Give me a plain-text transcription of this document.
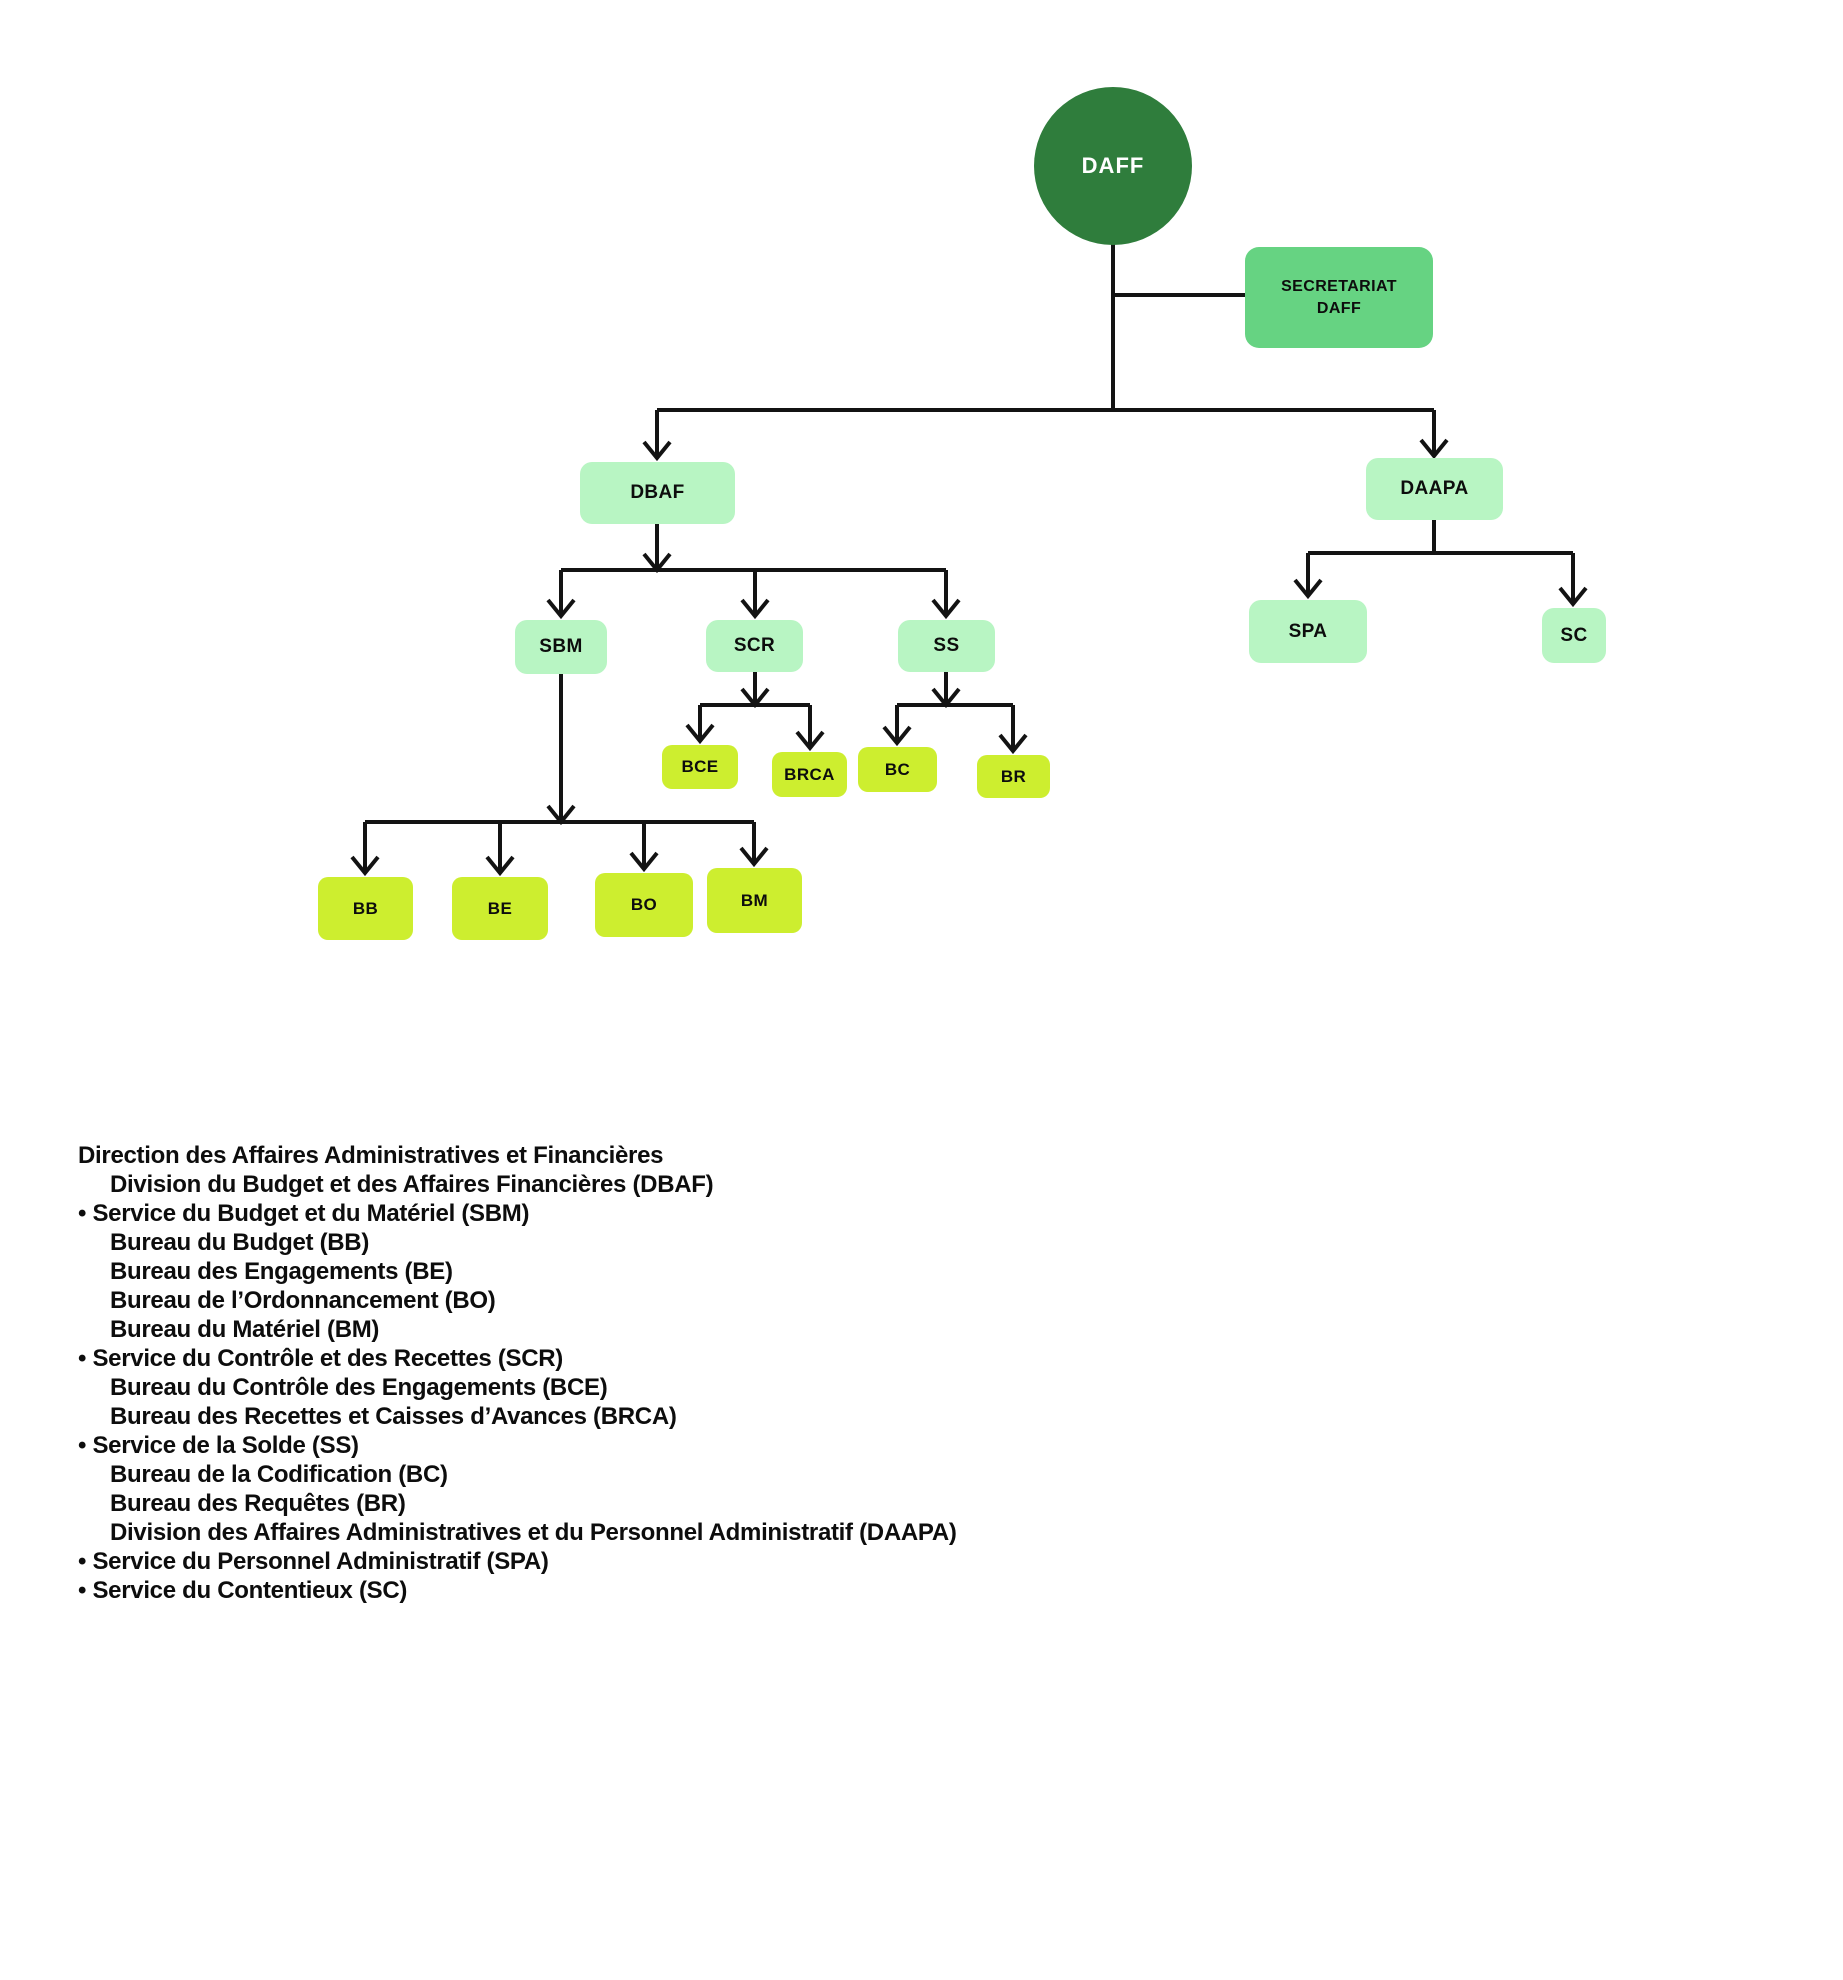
DAFF
SECRETARIAT
DAFF
DBAF	DAAPA
SBM	SCR	SS
SPA	SC
BCE	BRCA	BC	BR
BB	BE	BO	BM
Direction des Affaires Administratives et Financières
Division du Budget et des Affaires Financières (DBAF)
• Service du Budget et du Matériel (SBM)
Bureau du Budget (BB)
Bureau des Engagements (BE)
Bureau de l’Ordonnancement (BO)
Bureau du Matériel (BM)
• Service du Contrôle et des Recettes (SCR)
Bureau du Contrôle des Engagements (BCE)
Bureau des Recettes et Caisses d’Avances (BRCA)
• Service de la Solde (SS)
Bureau de la Codification (BC)
Bureau des Requêtes (BR)
Division des Affaires Administratives et du Personnel Administratif (DAAPA)
• Service du Personnel Administratif (SPA)
• Service du Contentieux (SC)
